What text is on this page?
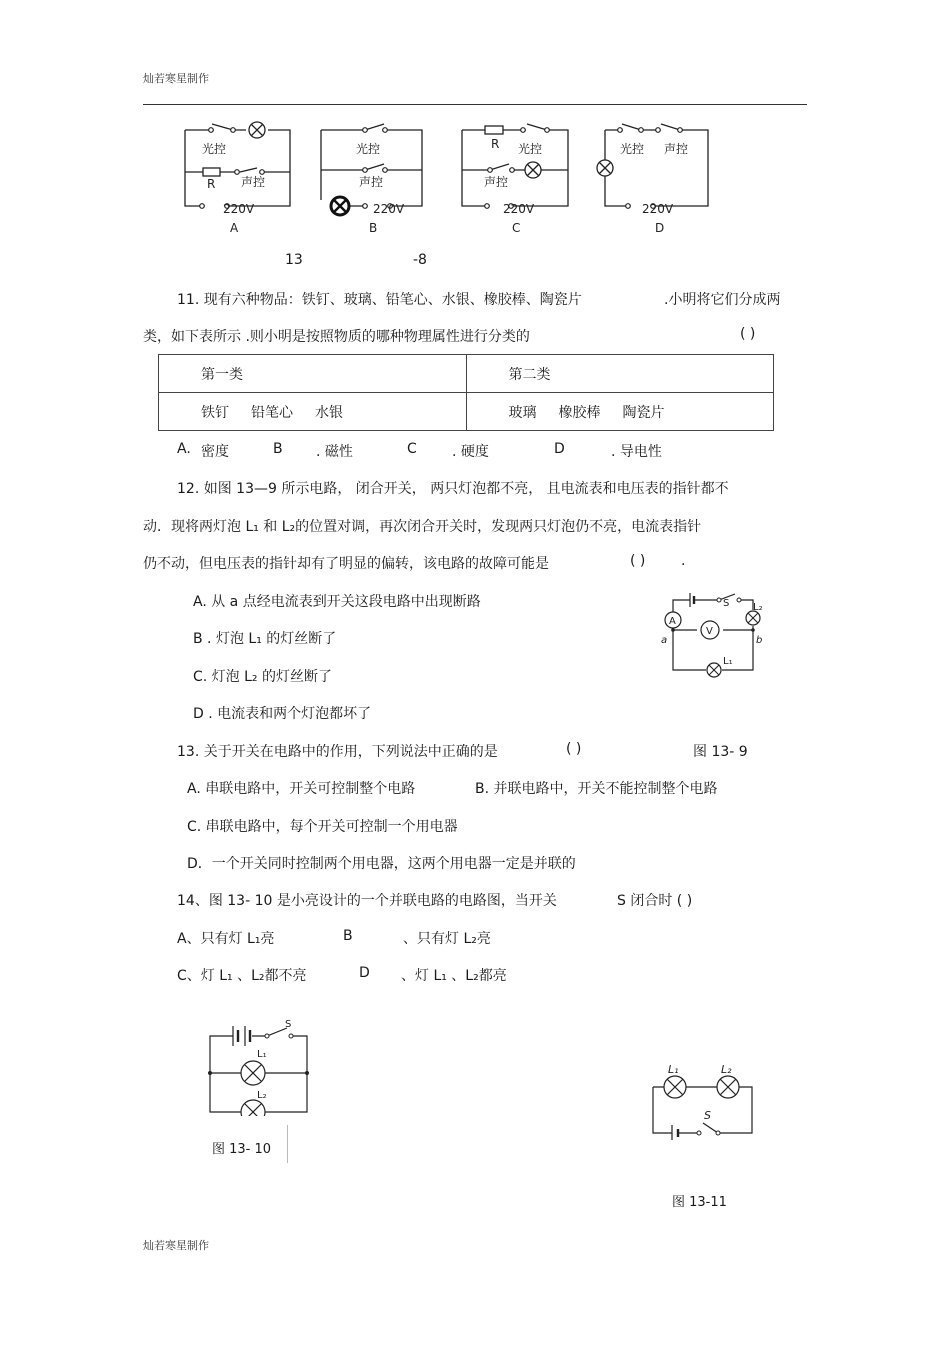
灿若寒星制作
光控
R 声控
220V
A
光控
声控
220V
B
R 光控
声控
220V
C
光控 声控
220V
D
13	-8
11. 现有六种物品：铁钉、玻璃、铅笔心、水银、橡胶棒、陶瓷片	.小明将它们分成两
类，如下表所示 .则小明是按照物质的哪种物理属性进行分类的	( )
第一类	第二类
铁钉 铅笔心 水银	玻璃 橡胶棒 陶瓷片
A. 密度	B . 磁性	C	. 硬度	D	. 导电性
12. 如图 13—9 所示电路， 闭合开关， 两只灯泡都不亮， 且电流表和电压表的指针都不
动．现将两灯泡 L₁ 和 L₂的位置对调，再次闭合开关时，发现两只灯泡仍不亮，电流表指针
仍不动，但电压表的指针却有了明显的偏转，该电路的故障可能是	( )	.
A. 从 a 点经电流表到开关这段电路中出现断路
B . 灯泡 L₁ 的灯丝断了
C. 灯泡 L₂ 的灯丝断了
D . 电流表和两个灯泡都坏了
A
V
S L₂
L₁
a	b
13. 关于开关在电路中的作用，下列说法中正确的是	( )	图 13- 9
A. 串联电路中，开关可控制整个电路	B. 并联电路中，开关不能控制整个电路
C. 串联电路中，每个开关可控制一个用电器
D．一个开关同时控制两个用电器，这两个用电器一定是并联的
14、图 13- 10 是小亮设计的一个并联电路的电路图，当开关	S 闭合时 ( )
A、只有灯 L₁亮	B	、只有灯 L₂亮
C、灯 L₁ 、L₂都不亮	D 、灯 L₁ 、L₂都亮
S
L₁
L₂
图 13- 10
L₁	L₂
S
图 13-11
灿若寒星制作
